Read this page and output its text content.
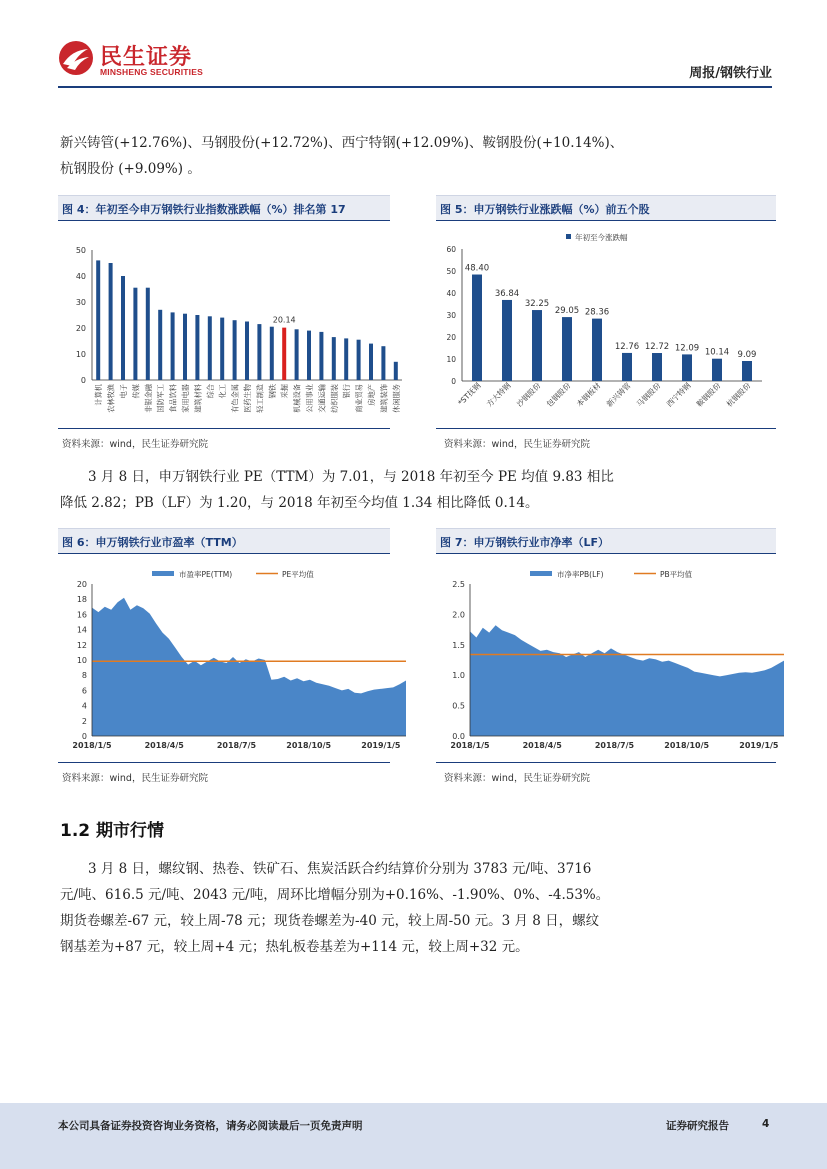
民生证券
MINSHENG SECURITIES	周报/钢铁行业
新兴铸管(+12.76%)、马钢股份(+12.72%)、西宁特钢(+12.09%)、鞍钢股份(+10.14%)、
杭钢股份 (+9.09%) 。
图 4：年初至今申万钢铁行业指数涨跌幅（%）排名第 17
0
10
20
30
40
50
计算机 农林牧渔 电子 传媒 非银金融 国防军工 食品饮料 家用电器 建筑材料 综合 化工 有色金属 医药生物 轻工制造 钢铁
20.14
采掘 机械设备 公用事业 交通运输 纺织服装 银行 商业贸易 房地产 建筑装饰 休闲服务
资料来源：wind，民生证券研究院
图 5：申万钢铁行业涨跌幅（%）前五个股
年初至今涨跌幅
0
10
20
30
40
50
60
48.40
*ST抚钢
36.84
方大特钢
32.25
沙钢股份
29.05
包钢股份
28.36
本钢板材
12.76
新兴铸管
12.72
马钢股份
12.09
西宁特钢
10.14
鞍钢股份
9.09
杭钢股份
资料来源：wind，民生证券研究院
3 月 8 日，申万钢铁行业 PE（TTM）为 7.01，与 2018 年初至今 PE 均值 9.83 相比
降低 2.82；PB（LF）为 1.20，与 2018 年初至今均值 1.34 相比降低 0.14。
图 6：申万钢铁行业市盈率（TTM）
市盈率PE(TTM)	PE平均值
0
2
4
6
8
10
12
14
16
18
20
2018/1/5	2018/4/5	2018/7/5	2018/10/5	2019/1/5
资料来源：wind，民生证券研究院
图 7：申万钢铁行业市净率（LF）
市净率PB(LF)	PB平均值
0.0
0.5
1.0
1.5
2.0
2.5
2018/1/5	2018/4/5	2018/7/5	2018/10/5	2019/1/5
资料来源：wind，民生证券研究院
1.2 期市行情
3 月 8 日，螺纹钢、热卷、铁矿石、焦炭活跃合约结算价分别为 3783 元/吨、3716
元/吨、616.5 元/吨、2043 元/吨，周环比增幅分别为+0.16%、-1.90%、0%、-4.53%。
期货卷螺差-67 元，较上周-78 元；现货卷螺差为-40 元，较上周-50 元。3 月 8 日，螺纹
钢基差为+87 元，较上周+4 元；热轧板卷基差为+114 元，较上周+32 元。
本公司具备证券投资咨询业务资格，请务必阅读最后一页免责声明	证券研究报告	4
